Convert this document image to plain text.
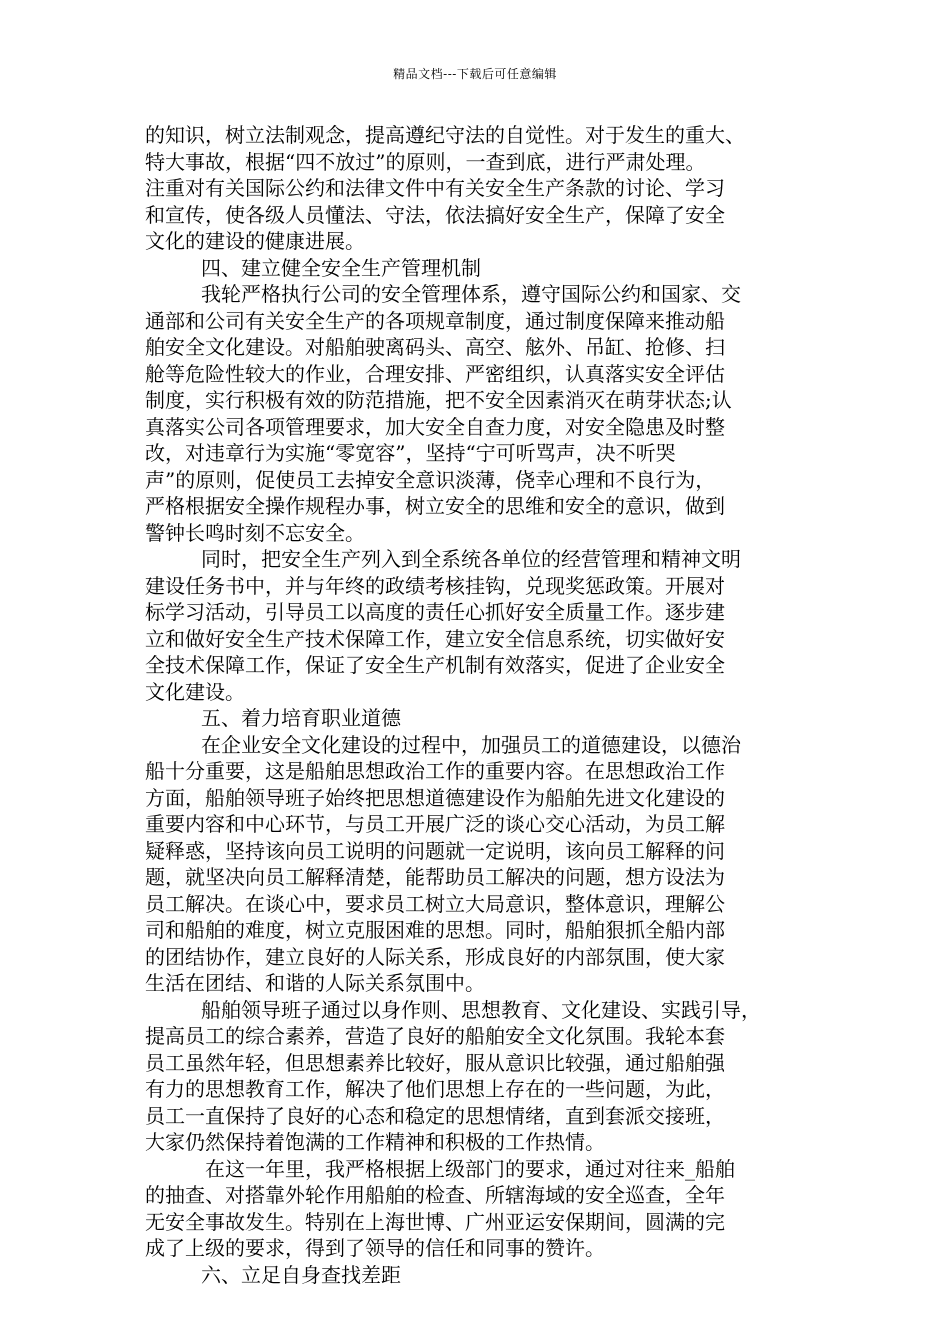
精品文档---下载后可任意编辑
的知识，树立法制观念，提高遵纪守法的自觉性。对于发生的重大、
特大事故，根据“四不放过”的原则，一查到底，进行严肃处理。
注重对有关国际公约和法律文件中有关安全生产条款的讨论、学习
和宣传，使各级人员懂法、守法，依法搞好安全生产，保障了安全
文化的建设的健康进展。
四、建立健全安全生产管理机制
我轮严格执行公司的安全管理体系，遵守国际公约和国家、交
通部和公司有关安全生产的各项规章制度，通过制度保障来推动船
舶安全文化建设。对船舶驶离码头、高空、舷外、吊缸、抢修、扫
舱等危险性较大的作业，合理安排、严密组织，认真落实安全评估
制度，实行积极有效的防范措施，把不安全因素消灭在萌芽状态;认
真落实公司各项管理要求，加大安全自查力度，对安全隐患及时整
改，对违章行为实施“零宽容”，坚持“宁可听骂声，决不听哭
声”的原则，促使员工去掉安全意识淡薄，侥幸心理和不良行为，
严格根据安全操作规程办事，树立安全的思维和安全的意识，做到
警钟长鸣时刻不忘安全。
同时，把安全生产列入到全系统各单位的经营管理和精神文明
建设任务书中，并与年终的政绩考核挂钩，兑现奖惩政策。开展对
标学习活动，引导员工以高度的责任心抓好安全质量工作。逐步建
立和做好安全生产技术保障工作，建立安全信息系统，切实做好安
全技术保障工作，保证了安全生产机制有效落实，促进了企业安全
文化建设。
五、着力培育职业道德
在企业安全文化建设的过程中，加强员工的道德建设，以德治
船十分重要，这是船舶思想政治工作的重要内容。在思想政治工作
方面，船舶领导班子始终把思想道德建设作为船舶先进文化建设的
重要内容和中心环节，与员工开展广泛的谈心交心活动，为员工解
疑释惑，坚持该向员工说明的问题就一定说明，该向员工解释的问
题，就坚决向员工解释清楚，能帮助员工解决的问题，想方设法为
员工解决。在谈心中，要求员工树立大局意识，整体意识，理解公
司和船舶的难度，树立克服困难的思想。同时，船舶狠抓全船内部
的团结协作，建立良好的人际关系，形成良好的内部氛围，使大家
生活在团结、和谐的人际关系氛围中。
船舶领导班子通过以身作则、思想教育、文化建设、实践引导，
提高员工的综合素养，营造了良好的船舶安全文化氛围。我轮本套
员工虽然年轻，但思想素养比较好，服从意识比较强，通过船舶强
有力的思想教育工作，解决了他们思想上存在的一些问题，为此，
员工一直保持了良好的心态和稳定的思想情绪，直到套派交接班，
大家仍然保持着饱满的工作精神和积极的工作热情。
在这一年里，我严格根据上级部门的要求，通过对往来_船舶
的抽查、对搭靠外轮作用船舶的检查、所辖海域的安全巡查，全年
无安全事故发生。特别在上海世博、广州亚运安保期间，圆满的完
成了上级的要求，得到了领导的信任和同事的赞许。
六、立足自身查找差距
